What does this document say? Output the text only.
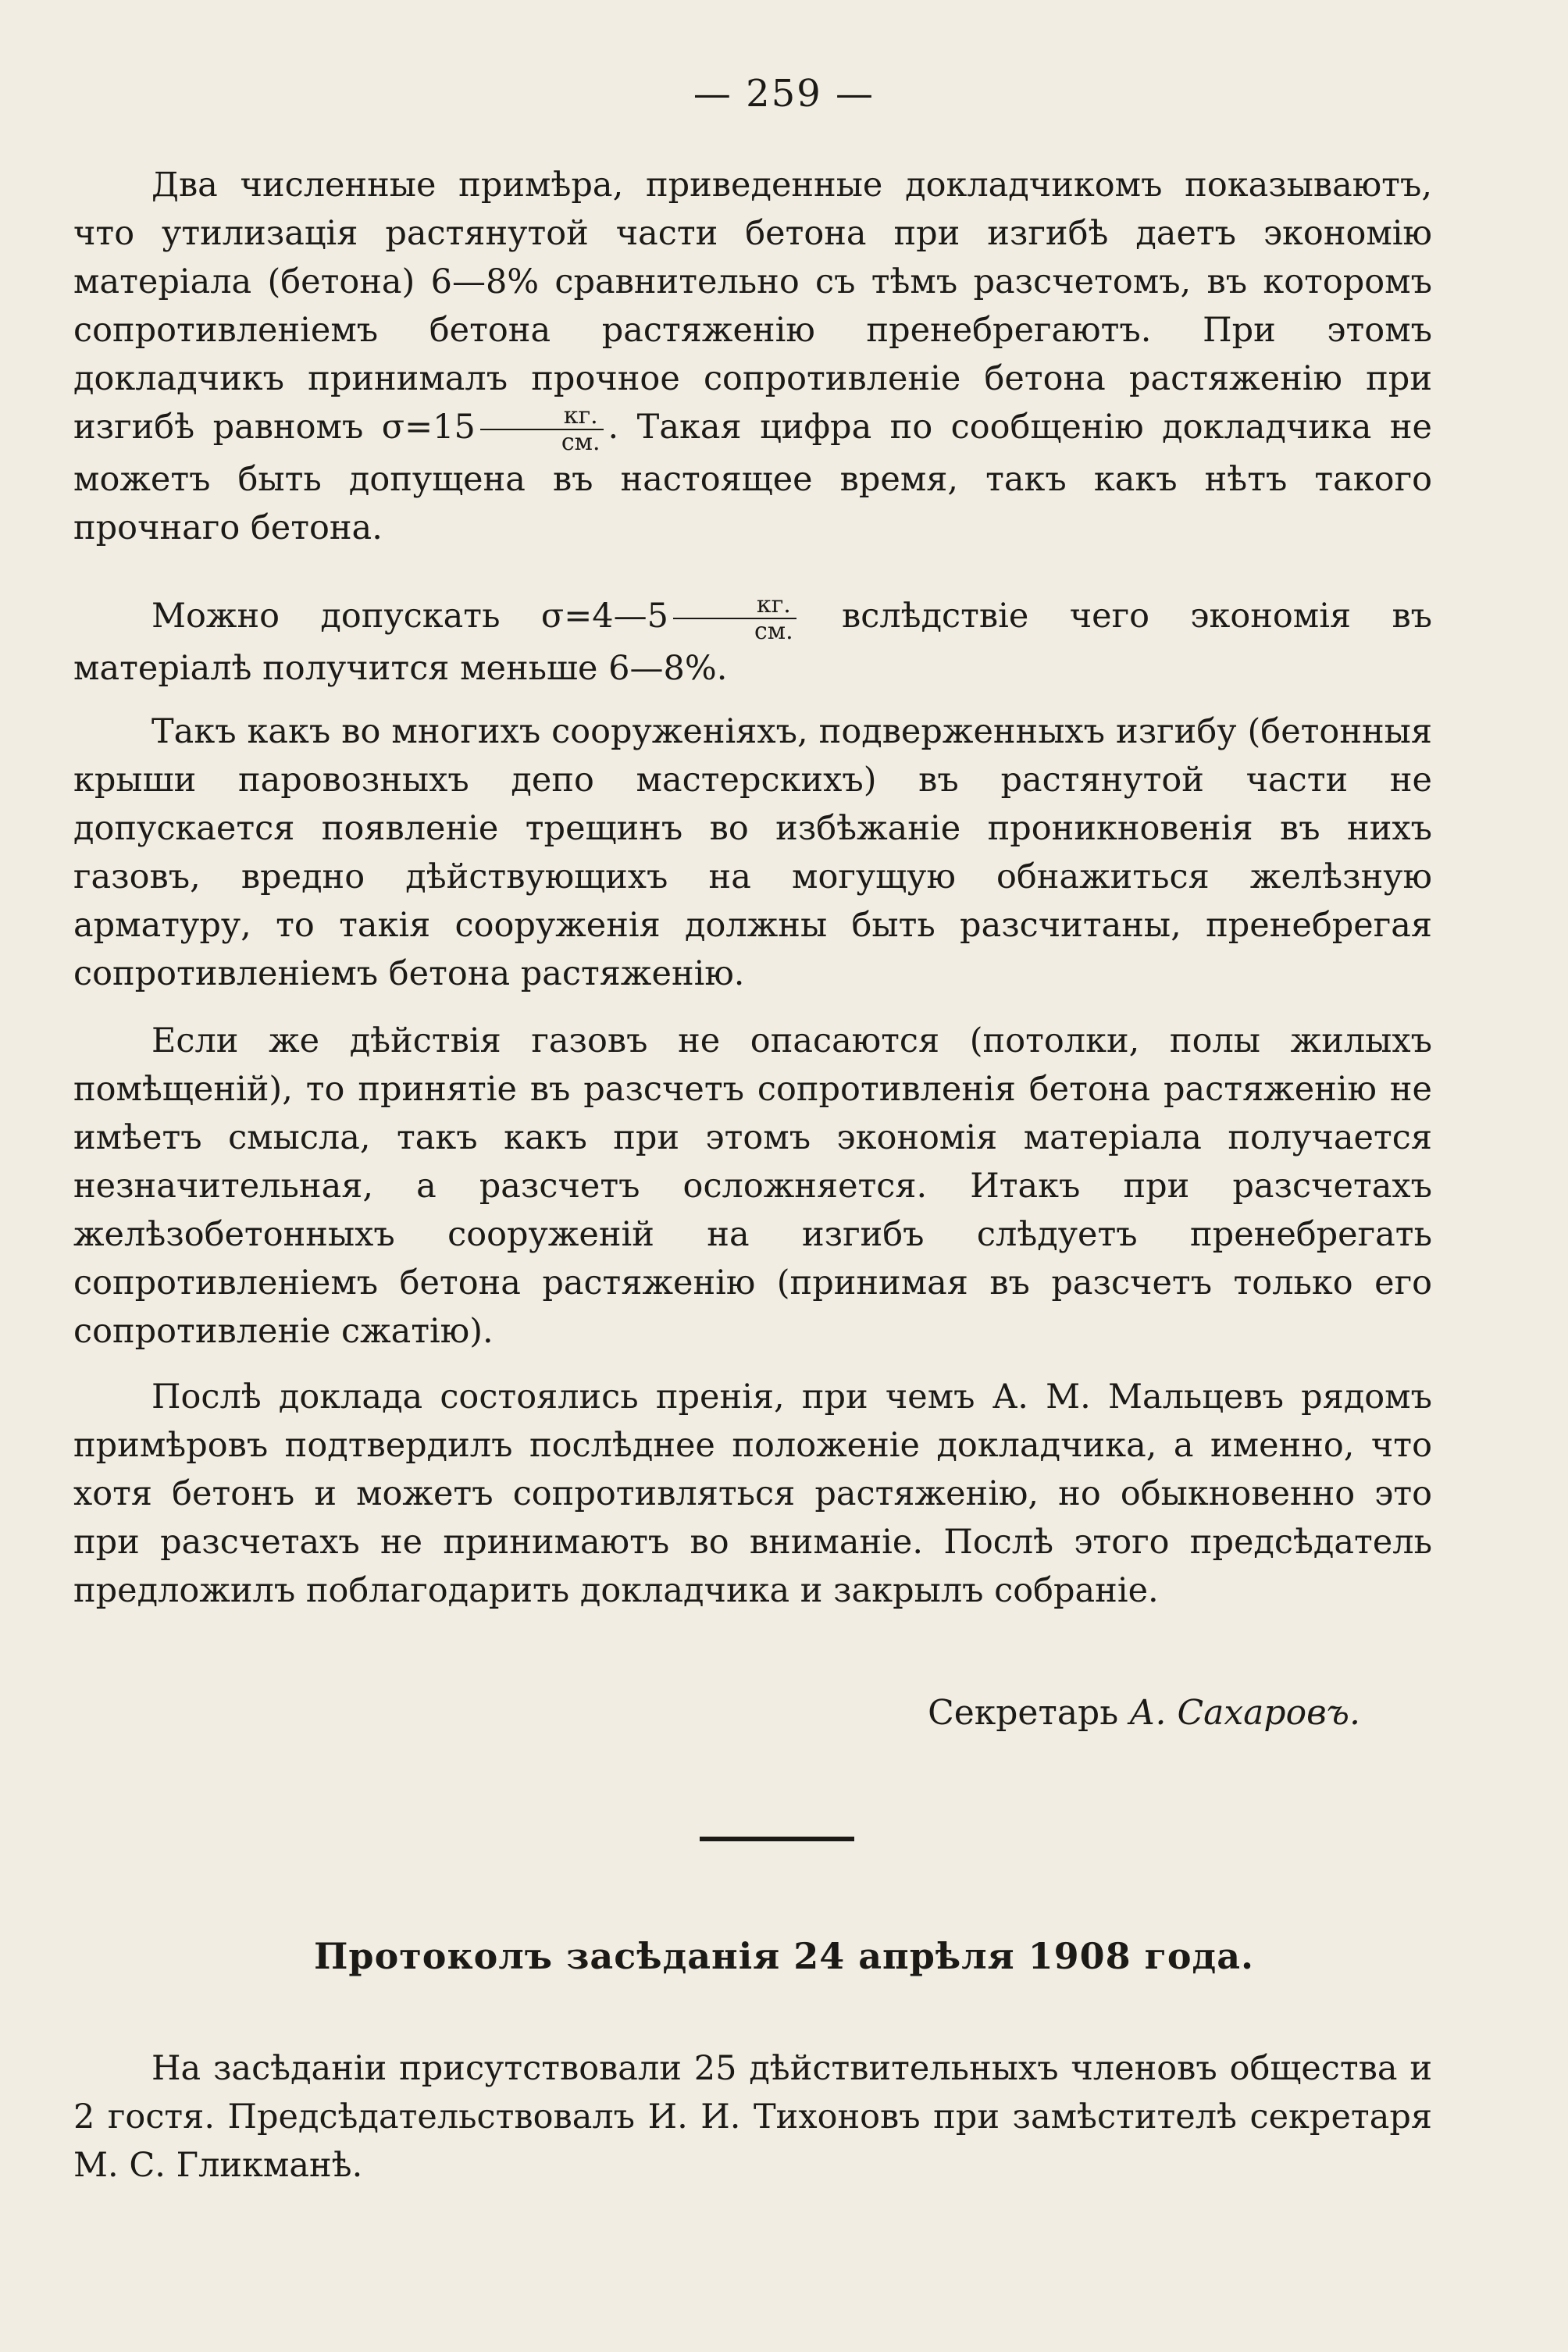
— 259 —

Два численные примѣра, приведенные докладчикомъ показываютъ, что утилизація растянутой части бетона при изгибѣ даетъ экономію матеріала (бетона) 6—8% сравнительно съ тѣмъ разсчетомъ, въ которомъ сопротивленіемъ бетона растяженію пренебрегаютъ. При этомъ докладчикъ принималъ прочное сопротивленіе бетона растяженію при изгибѣ равномъ $\sigma=15 \frac{кг.}{см.}$ . Такая цифра по сообщенію докладчика не можетъ быть допущена въ настоящее время, такъ какъ нѣтъ такого прочнаго бетона.

Можно допускать σ=4—5 $\frac{кг.}{см.}$ вслѣдствіе чего экономія въ матеріалѣ получится меньше 6—8%.

Такъ какъ во многихъ сооруженіяхъ, подверженныхъ изгибу (бетонныя крыши паровозныхъ депо мастерскихъ) въ растянутой части не допускается появленіе трещинъ во избѣжаніе проникновенія въ нихъ газовъ, вредно дѣйствующихъ на могущую обнажиться желѣзную арматуру, то такія сооруженія должны быть разсчитаны, пренебрегая сопротивленіемъ бетона растяженію.

Если же дѣйствія газовъ не опасаются (потолки, полы жилыхъ помѣщеній), то принятіе въ разсчетъ сопротивленія бетона растяженію не имѣетъ смысла, такъ какъ при этомъ экономія матеріала получается незначительная, а разсчетъ осложняется. Итакъ при разсчетахъ желѣзобетонныхъ сооруженій на изгибъ слѣдуетъ пренебрегать сопротивленіемъ бетона растяженію (принимая въ разсчетъ только его сопротивленіе сжатію).

Послѣ доклада состоялись пренія, при чемъ А. М. Мальцевъ рядомъ примѣровъ подтвердилъ послѣднее положеніе докладчика, а именно, что хотя бетонъ и можетъ сопротивляться растяженію, но обыкновенно это при разсчетахъ не принимаютъ во вниманіе. Послѣ этого предсѣдатель предложилъ поблагодарить докладчика и закрылъ собраніе.

Секретарь А. Сахаровъ.
Протоколъ засѣданія 24 апрѣля 1908 года.

На засѣданіи присутствовали 25 дѣйствительныхъ членовъ общества и 2 гостя. Предсѣдательствовалъ И. И. Тихоновъ при замѣстителѣ секретаря М. С. Гликманѣ.
